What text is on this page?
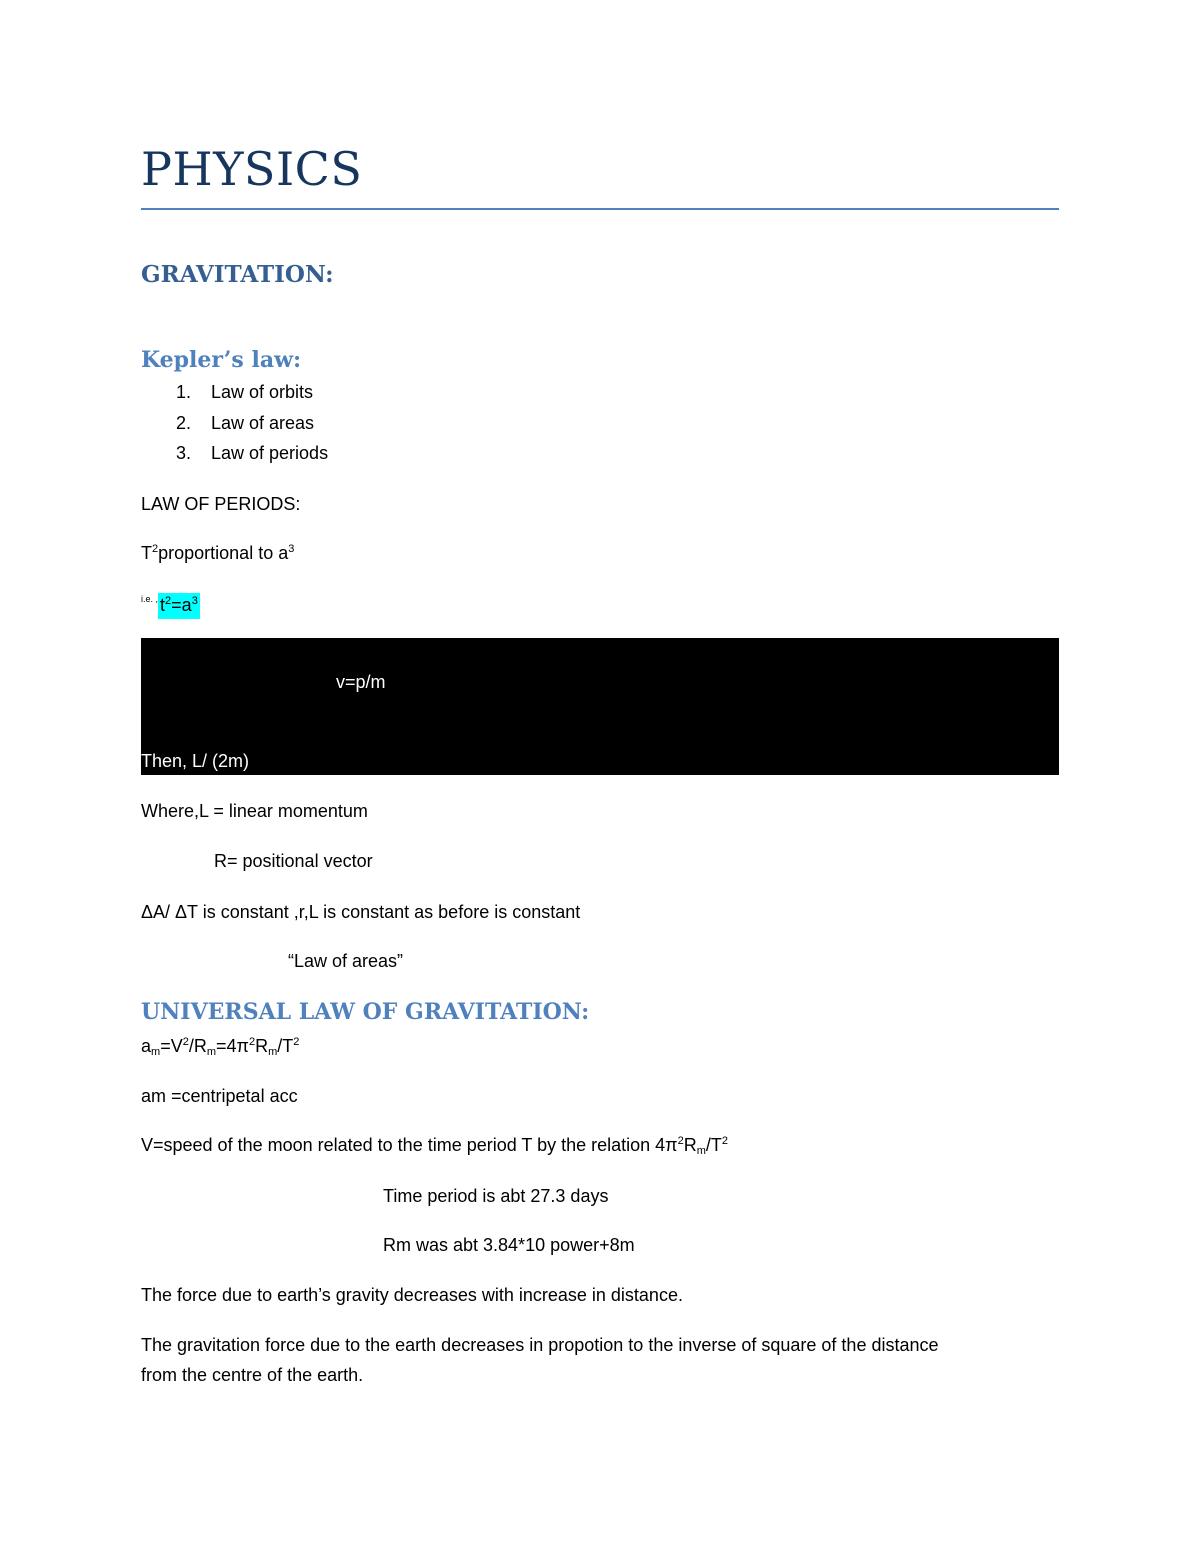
PHYSICS
GRAVITATION:
Kepler’s law:
1. Law of orbits
2. Law of areas
3. Law of periods
LAW OF PERIODS:
$T^2proportional$ to $a^3$
$^{i.e. ,}$ $t^2=a^3$
v=p/m
Then, L/ (2m)
Where,L = linear momentum
R= positional vector
ΔA/ ΔT is constant ,r,L is constant as before is constant
“Law of areas”
UNIVERSAL LAW OF GRAVITATION:
$a_m=V^2/R_m=4\pi^2R_m/T^2$
am =centripetal acc
V=speed of the moon related to the time period T by the relation $4\pi^2R_m/T^2$
Time period is abt 27.3 days
Rm was abt 3.84*10 power+8m
The force due to earth’s gravity decreases with increase in distance.
The gravitation force due to the earth decreases in propotion to the inverse of square of the distance
from the centre of the earth.
